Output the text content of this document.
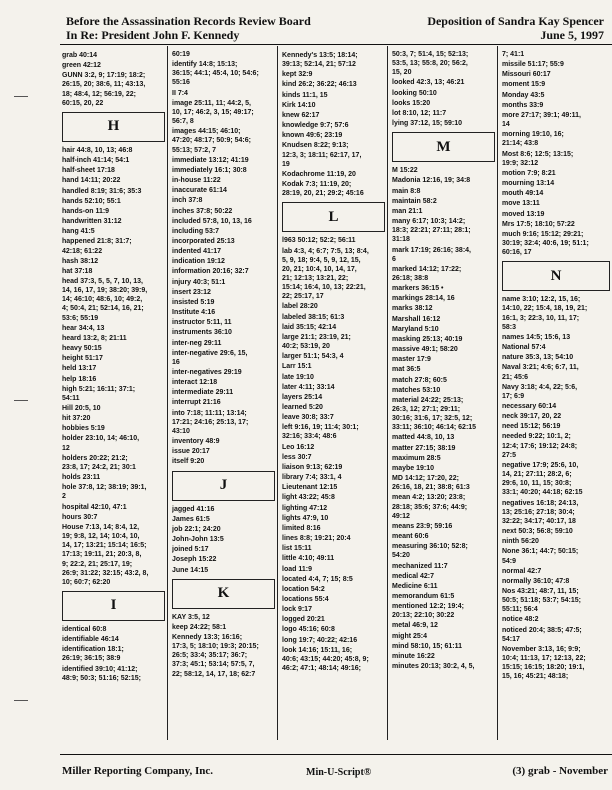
Before the Assassination Records Review Board
In Re: President John F. Kennedy
Deposition of Sandra Kay Spencer
June 5, 1997
grab 40:14
green 42:12
GUNN 3:2, 9; 17:19; 18:2;
26:15, 20; 38:6, 11; 43:13,
18; 48:4, 12; 56:19, 22;
60:15, 20, 22
H
hair 44:8, 10, 13; 46:8
half-inch 41:14; 54:1
half-sheet 17:18
hand 14:11; 20:22
handled 8:19; 31:6; 35:3
hands 52:10; 55:1
hands-on 11:9
handwritten 31:12
hang 41:5
happened 21:8; 31:7;
42:18; 61:22
hash 38:12
hat 37:18
head 37:3, 5, 5, 7, 10, 13,
14, 16, 17, 19; 38:20; 39:9,
14; 46:10; 48:6, 10; 49:2,
4; 50:4, 21; 52:14, 16, 21;
53:6; 55:19
hear 34:4, 13
heard 13:2, 8; 21:11
heavy 50:15
height 51:17
held 13:17
help 18:16
high 5:21; 16:11; 37:1;
54:11
Hill 20:5, 10
hit 37:20
hobbies 5:19
holder 23:10, 14; 46:10,
12
holders 20:22; 21:2;
23:8, 17; 24:2, 21; 30:1
holds 23:11
hole 37:8, 12; 38:19; 39:1,
2
hospital 42:10, 47:1
hours 30:7
House 7:13, 14; 8:4, 12,
19; 9:8, 12, 14; 10:4, 10,
14, 17; 13:21; 15:14; 16:5;
17:13; 19:11, 21; 20:3, 8,
9; 22:2, 21; 25:17, 19;
26:9; 31:22; 32:15; 43:2, 8,
10; 60:7; 62:20
I
identical 60:8
identifiable 46:14
identification 18:1;
26:19; 36:15; 38:9
identified 39:10; 41:12;
48:9; 50:3; 51:16; 52:15;
60:19
identify 14:8; 15:13;
36:15; 44:1; 45:4, 10; 54:6;
55:16
II 7:4
image 25:11, 11; 44:2, 5,
10, 17; 46:2, 3, 15; 49:17;
56:7, 8
images 44:15; 46:10;
47:20; 48:17; 50:9; 54:6;
55:13; 57:2, 7
immediate 13:12; 41:19
immediately 16:1; 30:8
in-house 11:22
inaccurate 61:14
inch 37:8
inches 37:8; 50:22
included 57:8, 10, 13, 16
including 53:7
incorporated 25:13
indented 41:17
indication 19:12
information 20:16; 32:7
injury 40:3; 51:1
insert 23:12
insisted 5:19
Institute 4:16
instructor 5:11, 11
instruments 36:10
inter-neg 29:11
inter-negative 29:6, 15,
16
inter-negatives 29:19
interact 12:18
intermediate 29:11
interrupt 21:16
into 7:18; 11:11; 13:14;
17:21; 24:16; 25:13, 17;
43:10
inventory 48:9
issue 20:17
itself 9:20
J
jagged 41:16
James 61:5
job 22:1; 24:20
John-John 13:5
joined 5:17
Joseph 15:22
June 14:15
K
KAY 3:5, 12
keep 24:22; 58:1
Kennedy 13:3; 16:16;
17:3, 5; 18:10; 19:3; 20:15;
26:5; 33:4; 35:17; 36:7;
37:3; 45:1; 53:14; 57:5, 7,
22; 58:12, 14, 17, 18; 62:7
Kennedy's 13:5; 18:14;
39:13; 52:14, 21; 57:12
kept 32:9
kind 26:2; 36:22; 46:13
kinds 11:1, 15
Kirk 14:10
knew 62:17
knowledge 9:7; 57:6
known 49:6; 23:19
Knudsen 8:22; 9:13;
12:3, 3; 18:11; 62:17, 17,
19
Kodachrome 11:19, 20
Kodak 7:3; 11:19, 20;
28:19, 20, 21; 29:2; 45:16
L
l963 50:12; 52:2; 56:11
lab 4:3, 4; 6:7; 7:5, 13; 8:4,
5, 9, 18; 9:4, 5, 9, 12, 15,
20, 21; 10:4, 10, 14, 17,
21; 12:13; 13:21, 22;
15:14; 16:4, 10, 13; 22:21,
22; 25:17, 17
label 28:20
labeled 38:15; 61:3
laid 35:15; 42:14
large 21:1; 23:19, 21;
40:2; 53:19, 20
larger 51:1; 54:3, 4
Larr 15:1
late 19:10
later 4:11; 33:14
layers 25:14
learned 5:20
leave 30:8; 33:7
left 9:16, 19; 11:4; 30:1;
32:16; 33:4; 48:6
Leo 16:12
less 30:7
liaison 9:13; 62:19
library 7:4; 33:1, 4
Lieutenant 12:15
light 43:22; 45:8
lighting 47:12
lights 47:9, 10
limited 8:16
lines 8:8; 19:21; 20:4
list 15:11
little 4:10; 49:11
load 11:9
located 4:4, 7; 15; 8:5
location 54:2
locations 55:4
lock 9:17
logged 20:21
logo 45:16; 60:8
long 19:7; 40:22; 42:16
look 14:16; 15:11, 16;
40:6; 43:15; 44:20; 45:8, 9;
46:2; 47:1; 48:14; 49:16;
50:3, 7; 51:4, 15; 52:13;
53:5, 13; 55:8, 20; 56:2,
15, 20
looked 42:3, 13; 46:21
looking 50:10
looks 15:20
lot 8:10, 12; 11:7
lying 37:12, 15; 59:10
M
M 15:22
Madonia 12:16, 19; 34:8
main 8:8
maintain 58:2
man 21:1
many 6:17; 10:3; 14:2;
18:3; 22:21; 27:11; 28:1;
31:18
mark 17:19; 26:16; 38:4,
6
marked 14:12; 17:22;
26:18; 38:8
markers 36:15 •
markings 28:14, 16
marks 38:12
Marshall 16:12
Maryland 5:10
masking 25:13; 40:19
massive 49:1; 58:20
master 17:9
mat 36:5
match 27:8; 60:5
matches 53:10
material 24:22; 25:13;
26:3, 12; 27:1; 29:11;
30:16; 31:6, 17; 32:5, 12;
33:11; 36:10; 46:14; 62:15
matted 44:8, 10, 13
matter 27:15; 38:19
maximum 28:5
maybe 19:10
MD 14:12; 17:20, 22;
26:16, 18, 21; 38:8; 61:3
mean 4:2; 13:20; 23:8;
28:18; 35:6; 37:6; 44:9;
49:12
means 23:9; 59:16
meant 60:6
measuring 36:10; 52:8;
54:20
mechanized 11:7
medical 42:7
Medicine 6:11
memorandum 61:5
mentioned 12:2; 19:4;
20:13; 22:10; 30:22
metal 46:9, 12
might 25:4
mind 58:10, 15; 61:11
minute 16:22
minutes 20:13; 30:2, 4, 5,
7; 41:1
missile 51:17; 55:9
Missouri 60:17
moment 15:9
Monday 43:5
months 33:9
more 27:17; 39:1; 49:11,
14
morning 19:10, 16;
21:14; 43:8
Most 8:6; 12:5; 13:15;
19:9; 32:12
motion 7:9; 8:21
mourning 13:14
mouth 49:14
move 13:11
moved 13:19
Mrs 17:5; 18:10; 57:22
much 9:16; 15:12; 29:21;
30:19; 32:4; 40:6, 19; 51:1;
60:16, 17
N
name 3:10; 12:2, 15, 16;
14:10, 22; 15:4, 18, 19, 21;
16:1, 3; 22:3, 10, 11, 17;
58:3
names 14:5; 15:6, 13
National 57:4
nature 35:3, 13; 54:10
Naval 3:21; 4:6; 6:7, 11,
21; 45:6
Navy 3:18; 4:4, 22; 5:6,
17; 6:9
necessary 60:14
neck 39:17, 20, 22
need 15:12; 56:19
needed 9:22; 10:1, 2;
12:4; 17:6; 19:12; 24:8;
27:5
negative 17:9; 25:6, 10,
14, 21; 27:11; 28:2, 6;
29:6, 10, 11, 15; 30:8;
33:1; 40:20; 44:18; 62:15
negatives 16:18; 24:13,
13; 25:16; 27:18; 30:4;
32:22; 34:17; 40:17, 18
next 50:3; 56:8; 59:10
ninth 56:20
None 36:1; 44:7; 50:15;
54:9
normal 42:7
normally 36:10; 47:8
Nos 43:21; 48:7, 11, 15;
50:5; 51:18; 53:7; 54:15;
55:11; 56:4
notice 48:2
noticed 20:4; 38:5; 47:5;
54:17
November 3:13, 16; 9:9;
10:4; 11:13, 17; 12:13, 22;
15:15; 16:15; 18:20; 19:1,
15, 16; 45:21; 48:18;
Miller Reporting Company, Inc.	Min-U-Script®	(3) grab - November
